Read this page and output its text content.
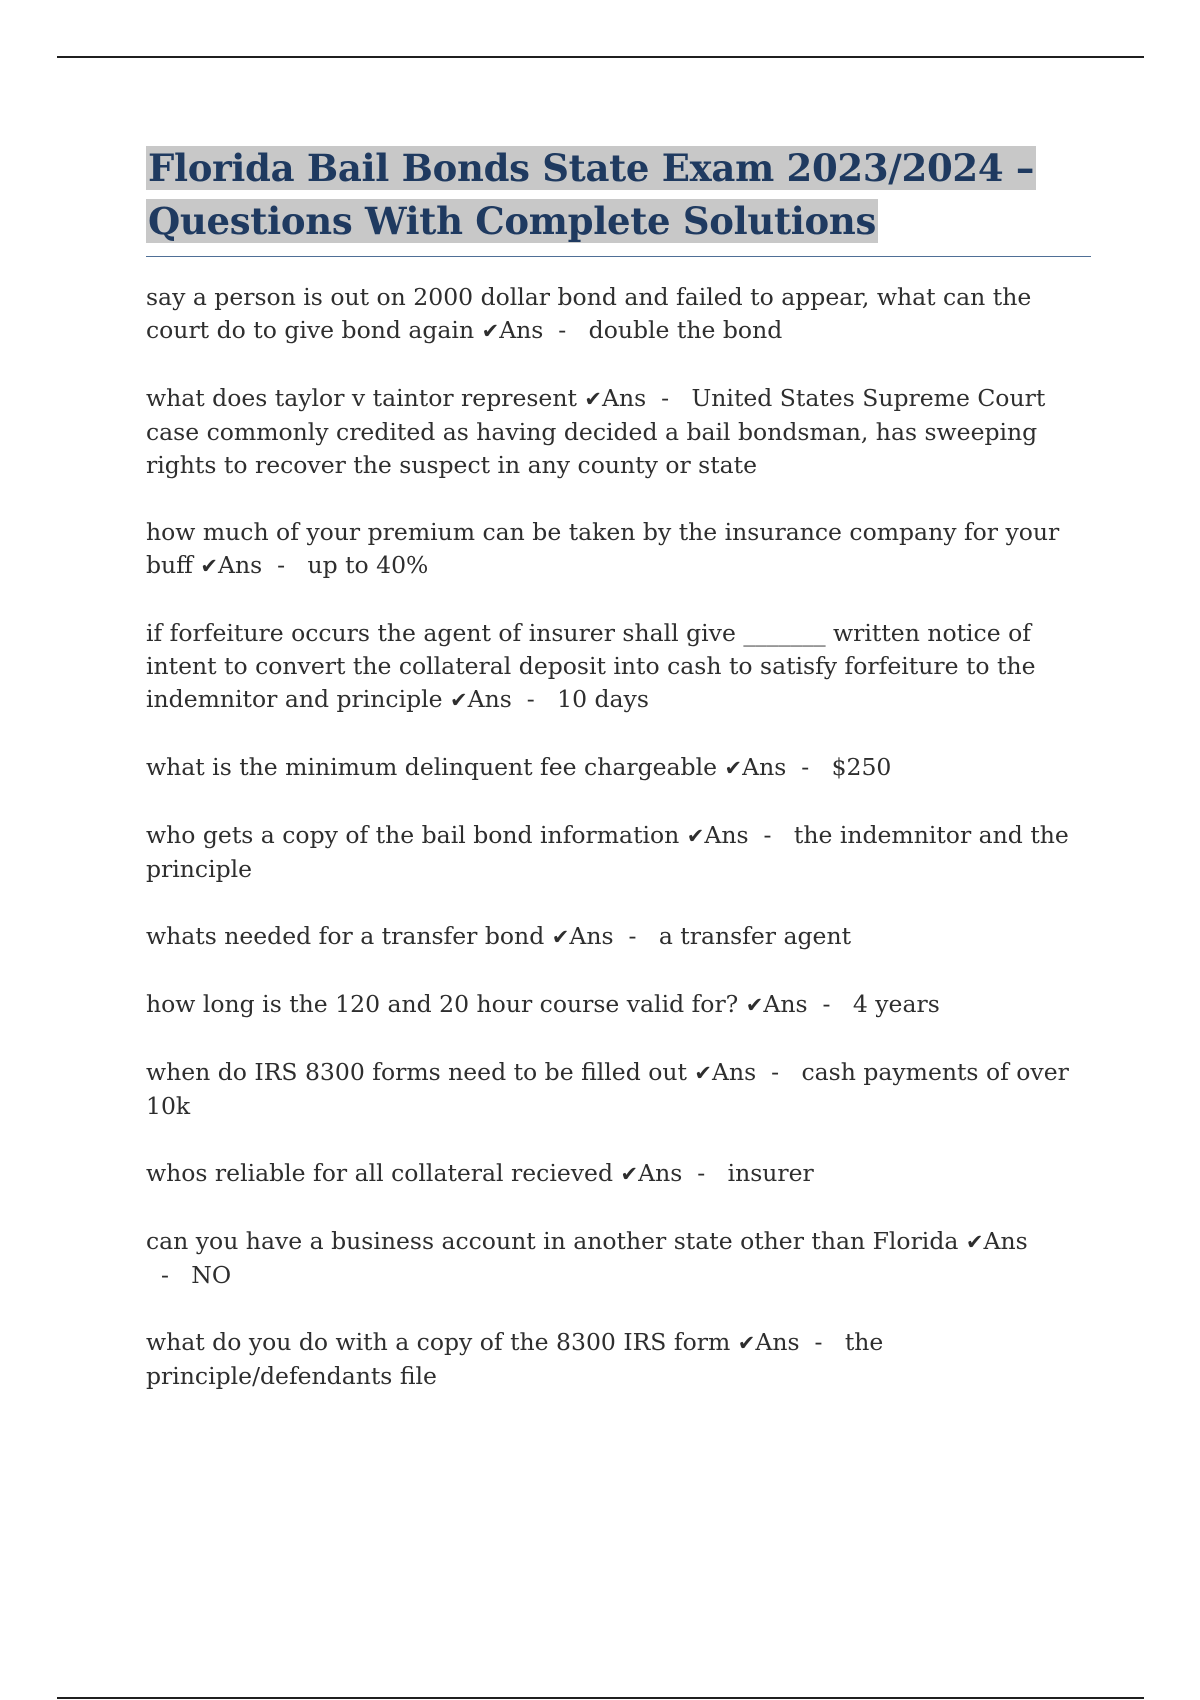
Florida Bail Bonds State Exam 2023/2024 –
Questions With Complete Solutions
say a person is out on 2000 dollar bond and failed to appear, what can the court do to give bond again ✔Ans  -   double the bond
what does taylor v taintor represent ✔Ans  -   United States Supreme Court case commonly credited as having decided a bail bondsman, has sweeping rights to recover the suspect in any county or state
how much of your premium can be taken by the insurance company for your buff ✔Ans  -   up to 40%
if forfeiture occurs the agent of insurer shall give _______ written notice of intent to convert the collateral deposit into cash to satisfy forfeiture to the indemnitor and principle ✔Ans  -   10 days
what is the minimum delinquent fee chargeable ✔Ans  -   $250
who gets a copy of the bail bond information ✔Ans  -   the indemnitor and the principle
whats needed for a transfer bond ✔Ans  -   a transfer agent
how long is the 120 and 20 hour course valid for? ✔Ans  -   4 years
when do IRS 8300 forms need to be filled out ✔Ans  -   cash payments of over 10k
whos reliable for all collateral recieved ✔Ans  -   insurer
can you have a business account in another state other than Florida ✔Ans  -   NO
what do you do with a copy of the 8300 IRS form ✔Ans  -   the principle/defendants file
